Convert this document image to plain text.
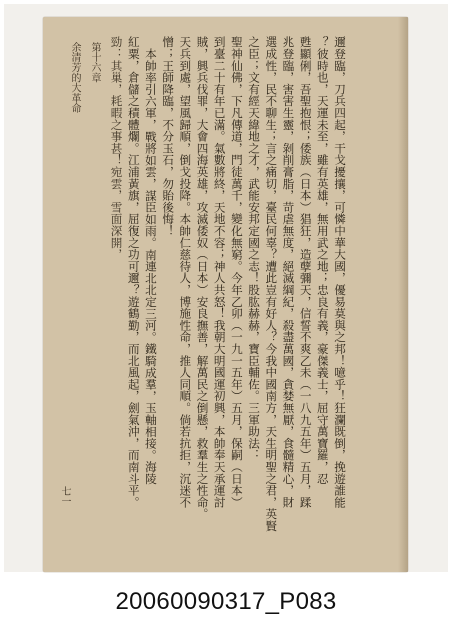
邇登臨，刀兵四起，干戈擾攘，可憐中華大國，優易莫與之邦！噫乎！狂瀾既倒，挽遊誰能
？彼時也，天運未至，雖有英雄，無用武之地；忠良有義，豪傑義士，屈守萬寶羅，忍
甦顯俐，吾聖抱恨；倭族（日本）猖狂，造孽彌天，信誓不爽乙未（一八九五年）五月，蹂
兆登臨，害害生靈，剝削膏脂，苛虐無度，絕滅綱紀，殺盡萬國，貪婪無厭，食髓精心，財
選成性，民不聊生；言之痛切，臺民何辜？遭此豈有好人？今我中國南方，天生明聖之君，英賢
之臣；文有經天緯地之才，武能安邦定國之志！股肱赫赫，寶臣輔佐。三軍助法：
聖神仙佛，下凡傳道，門徒萬千，變化無窮。今年乙卯（一九一五年）五月，保嗣（日本）
到臺二十有年已滿。氣數將終，天地不容；神人共怒！我朝大明國運初興，本帥奉天承運討
賊，興兵伐罪，大會四海英雄，攻滅倭奴（日本）安良撫善，解萬民之倒懸，救羣生之性命。
天兵到處，望風歸順，倒戈投降。本帥仁慈待人，博施性命，推人同順。倘若抗拒，沉迷不
憎；王師降臨，不分玉石，勿貽後悔！
本帥率引六軍，戰將如雲，謀臣如雨。南連北北定三河。鐵騎成羣，玉軸相接。海陵
紅粟，倉儲之積體爛。江浦黃旗，屈復之功可邇？遊鶴勤，而北風起，劍氣沖，而南斗平。
勁：其巢，耗暇之事甚！宛雲，雪面深開，
第十六章
余清芳的大革命
七一
20060090317_P083
